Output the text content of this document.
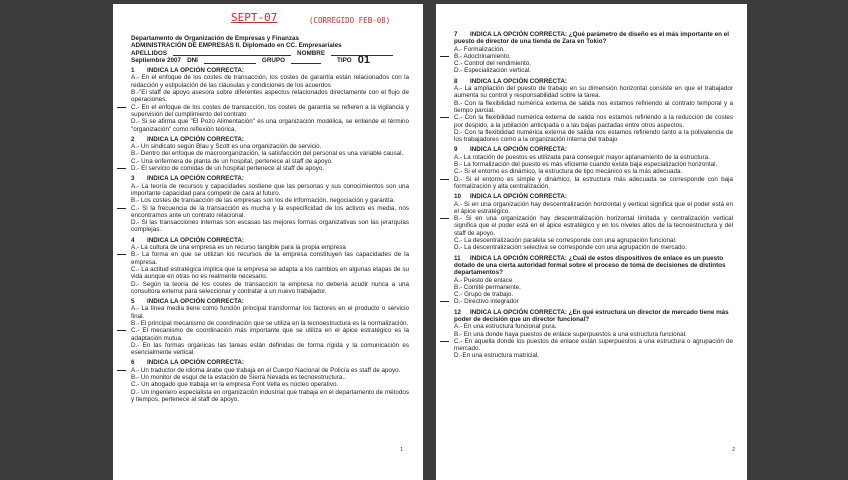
SEPT-07	(CORREGIDO FEB-08)
Departamento de Organización de Empresas y Finanzas
ADMINISTRACIÓN DE EMPRESAS II. Diplomado en CC. Empresariales
APELLIDOS	NOMBRE
Septiembre 2007 DNI	GRUPO	TIPO 01
1 INDICA LA OPCIÓN CORRECTA:
A.- En el enfoque de los costes de transacción, los costes de garantía están relacionados con la redacción y estipulación de las cláusulas y condiciones de los acuerdos
B.-"El staff de apoyo asesora sobre diferentes aspectos relacionados directamente con el flujo de operaciones.
C.- En el enfoque de los costes de transacción, los costes de garantía se refieren a la vigilancia y supervisión del cumplimiento del contrato
D.- Si se afirma que "El Pozo Alimentación" es una organización modélica, se entiende el término "organización" como reflexión teórica.
2 INDICA LA OPCIÓN CORRECTA:
A.- Un sindicato según Blau y Scott es una organización de servicio.
B.- Dentro del enfoque de macroorganización, la satisfacción del personal es una variable causal.
C.- Una enfermera de planta de un hospital, pertenece al staff de apoyo.
D.- El servicio de comidas de un hospital pertenece al staff de apoyo.
3 INDICA LA OPCIÓN CORRECTA:
A.- La teoría de recursos y capacidades sostiene que las personas y sus conocimientos son una importante capacidad para competir de cara al futuro.
B.- Los costes de transacción de las empresas son los de información, negociación y garantía.
C.- Si la frecuencia de la transacción es mucha y la especificidad de los activos es media, nos encontramos ante un contrato relacional.
D.- Si las transacciones internas son escasas las mejores formas organizativas son las jerarquías complejas.
4 INDICA LA OPCIÓN CORRECTA:
A.- La cultura de una empresa es un recurso tangible para la propia empresa
B.- La forma en que se utilizan los recursos de la empresa constituyen las capacidades de la empresa.
C.- La actitud estratégica implica que la empresa se adapta a los cambios en algunas etapas de su vida aunque en otras no es realmente necesario.
D.- Según la teoría de los costes de transacción la empresa no debería acudir nunca a una consultora externa para seleccionar y contratar a un nuevo trabajador.
5 INDICA LA OPCIÓN CORRECTA:
A.- La línea media tiene como función principal transformar los factores en el producto o servicio final.
B.- El principal mecanismo de coordinación que se utiliza en la tecnoestructura es la normalización.
C.- El mecanismo de coordinación más importante que se utiliza en el ápice estratégico es la adaptación mutua.
D.- En las formas orgánicas las tareas están definidas de forma rígida y la comunicación es esencialmente vertical.
6 INDICA LA OPCIÓN CORRECTA:
A.- Un traductor de idioma árabe que trabaja en el Cuerpo Nacional de Policía es staff de apoyo.
B.- Un monitor de esquí de la estación de Sierra Nevada es tecnoestructura..
C.- Un abogado que trabaja en la empresa Font Vella es núcleo operativo.
D.- Un ingeniero especialista en organización industrial que trabaja en el departamento de métodos y tiempos, pertenece al staff de apoyo.
1
7 INDICA LA OPCIÓN CORRECTA: ¿Qué parámetro de diseño es el más importante en el puesto de director de una tienda de Zara en Tokio?
A.- Formalización.
B.- Adoctrinamiento.
C.- Control del rendimiento.
D.- Especialización vertical.
8 INDICA LA OPCIÓN CORRECTA:
A.- La ampliación del puesto de trabajo en su dimensión horizontal consiste en que el trabajador aumenta su control y responsabilidad sobre la tarea.
B.- Con la flexibilidad numérica externa de salida nos estamos refiriendo al contrato temporal y a tiempo parcial.
C.- Con la flexibilidad numérica externa de salida nos estamos refiriendo a la reducción de costes por despido, a la jubilación anticipada o a las bajas pactadas entre otros aspectos.
D.- Con la flexibilidad numérica externa de salida nos estamos refiriendo tanto a la polivalencia de los trabajadores como a la organización interna del trabajo
9 INDICA LA OPCIÓN CORRECTA:
A.- La rotación de puestos es utilizada para conseguir mayor aplanamiento de la estructura.
B.- La formalización del puesto es más eficiente cuando existe baja especialización horizontal.
C.- Si el entorno es dinámico, la estructura de tipo mecánico es la más adecuada.
D.- Si el entorno es simple y dinámico, la estructura más adecuada se corresponde con baja formalización y alta centralización.
10 INDICA LA OPCIÓN CORRECTA:
A.- Si en una organización hay descentralización horizontal y vertical significa que el poder está en el ápice estratégico.
B.- Si en una organización hay descentralización horizontal limitada y centralización vertical significa que el poder está en el ápice estratégico y en los niveles altos de la tecnoestructura y del staff de apoyo.
C.- La descentralización paralela se corresponde con una agrupación funcional.
D.- La descentralización selectiva se corresponde con una agrupación de mercado.
11 INDICA LA OPCIÓN CORRECTA: ¿Cuál de estos dispositivos de enlace es un puesto dotado de una cierta autoridad formal sobre el proceso de toma de decisiones de distintos departamentos?
A.- Puesto de enlace
B.- Comité permanente.
C.- Grupo de trabajo.
D.- Directivo integrador
12 INDICA LA OPCIÓN CORRECTA: ¿En qué estructura un director de mercado tiene más poder de decisión que un director funcional?
A.- En una estructura funcional pura.
B.- En una donde haya puestos de enlace superpuestos a una estructura funcional.
C.- En aquella donde los puestos de enlace están superpuestos a una estructura o agrupación de mercado.
D.-En una estructura matricial.
2
